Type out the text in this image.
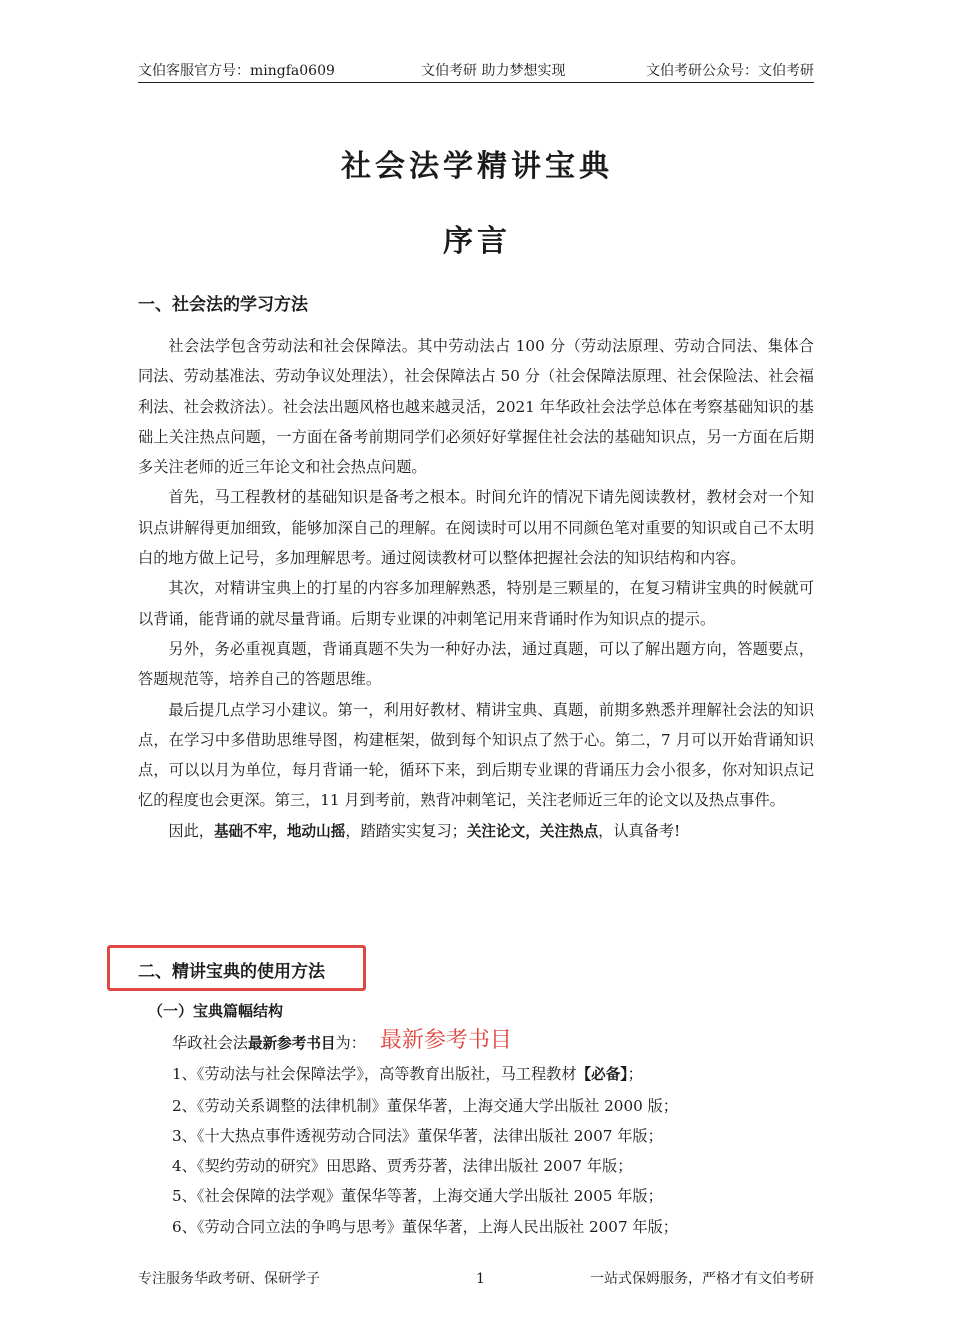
文伯客服官方号：mingfa0609	文伯考研 助力梦想实现	文伯考研公众号：文伯考研
社会法学精讲宝典
序言
一、社会法的学习方法

社会法学包含劳动法和社会保障法。其中劳动法占 100 分（劳动法原理、劳动合同法、集体合同法、劳动基准法、劳动争议处理法），社会保障法占 50 分（社会保障法原理、社会保险法、社会福利法、社会救济法）。社会法出题风格也越来越灵活，2021 年华政社会法学总体在考察基础知识的基础上关注热点问题，一方面在备考前期同学们必须好好掌握住社会法的基础知识点，另一方面在后期多关注老师的近三年论文和社会热点问题。

首先，马工程教材的基础知识是备考之根本。时间允许的情况下请先阅读教材，教材会对一个知识点讲解得更加细致，能够加深自己的理解。在阅读时可以用不同颜色笔对重要的知识或自己不太明白的地方做上记号，多加理解思考。通过阅读教材可以整体把握社会法的知识结构和内容。

其次，对精讲宝典上的打星的内容多加理解熟悉，特别是三颗星的，在复习精讲宝典的时候就可以背诵，能背诵的就尽量背诵。后期专业课的冲刺笔记用来背诵时作为知识点的提示。

另外，务必重视真题，背诵真题不失为一种好办法，通过真题，可以了解出题方向，答题要点，答题规范等，培养自己的答题思维。

最后提几点学习小建议。第一，利用好教材、精讲宝典、真题，前期多熟悉并理解社会法的知识点，在学习中多借助思维导图，构建框架，做到每个知识点了然于心。第二，7 月可以开始背诵知识点，可以以月为单位，每月背诵一轮，循环下来，到后期专业课的背诵压力会小很多，你对知识点记忆的程度也会更深。第三，11 月到考前，熟背冲刺笔记，关注老师近三年的论文以及热点事件。

因此，基础不牢，地动山摇，踏踏实实复习；关注论文，关注热点，认真备考!

二、精讲宝典的使用方法
（一）宝典篇幅结构
华政社会法最新参考书目为： 最新参考书目
1、《劳动法与社会保障法学》，高等教育出版社，马工程教材【必备】；
2、《劳动关系调整的法律机制》董保华著，上海交通大学出版社 2000 版；
3、《十大热点事件透视劳动合同法》董保华著，法律出版社 2007 年版；
4、《契约劳动的研究》田思路、贾秀芬著，法律出版社 2007 年版；
5、《社会保障的法学观》董保华等著，上海交通大学出版社 2005 年版；
6、《劳动合同立法的争鸣与思考》董保华著，上海人民出版社 2007 年版；
专注服务华政考研、保研学子	1	一站式保姆服务，严格才有文伯考研
